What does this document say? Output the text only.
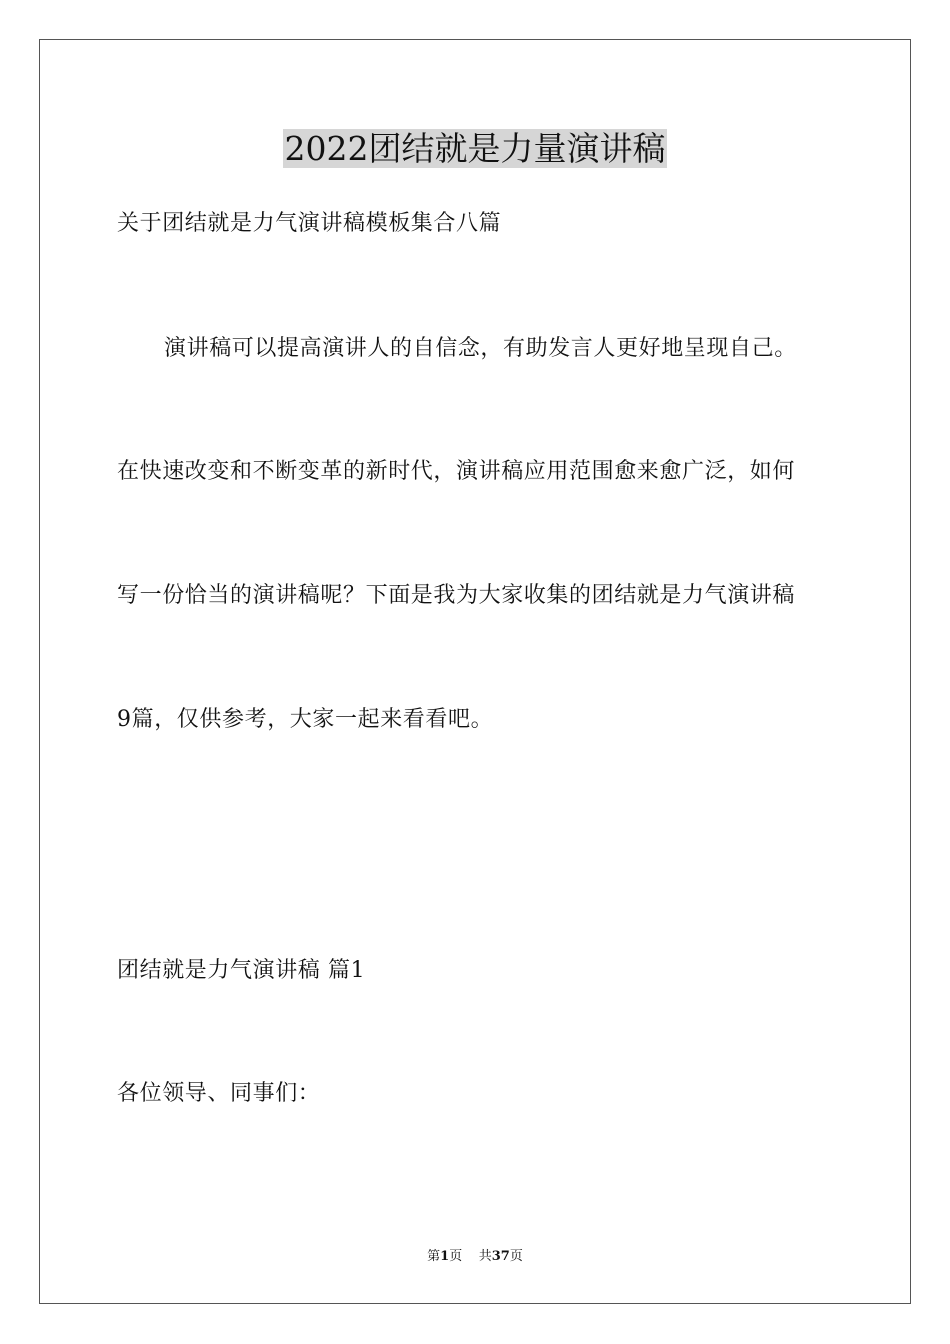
2022团结就是力量演讲稿
关于团结就是力气演讲稿模板集合八篇
演讲稿可以提高演讲人的自信念，有助发言人更好地呈现自己。
在快速改变和不断变革的新时代，演讲稿应用范围愈来愈广泛，如何
写一份恰当的演讲稿呢？下面是我为大家收集的团结就是力气演讲稿
9篇，仅供参考，大家一起来看看吧。
团结就是力气演讲稿 篇1
各位领导、同事们：
第1页 共37页
